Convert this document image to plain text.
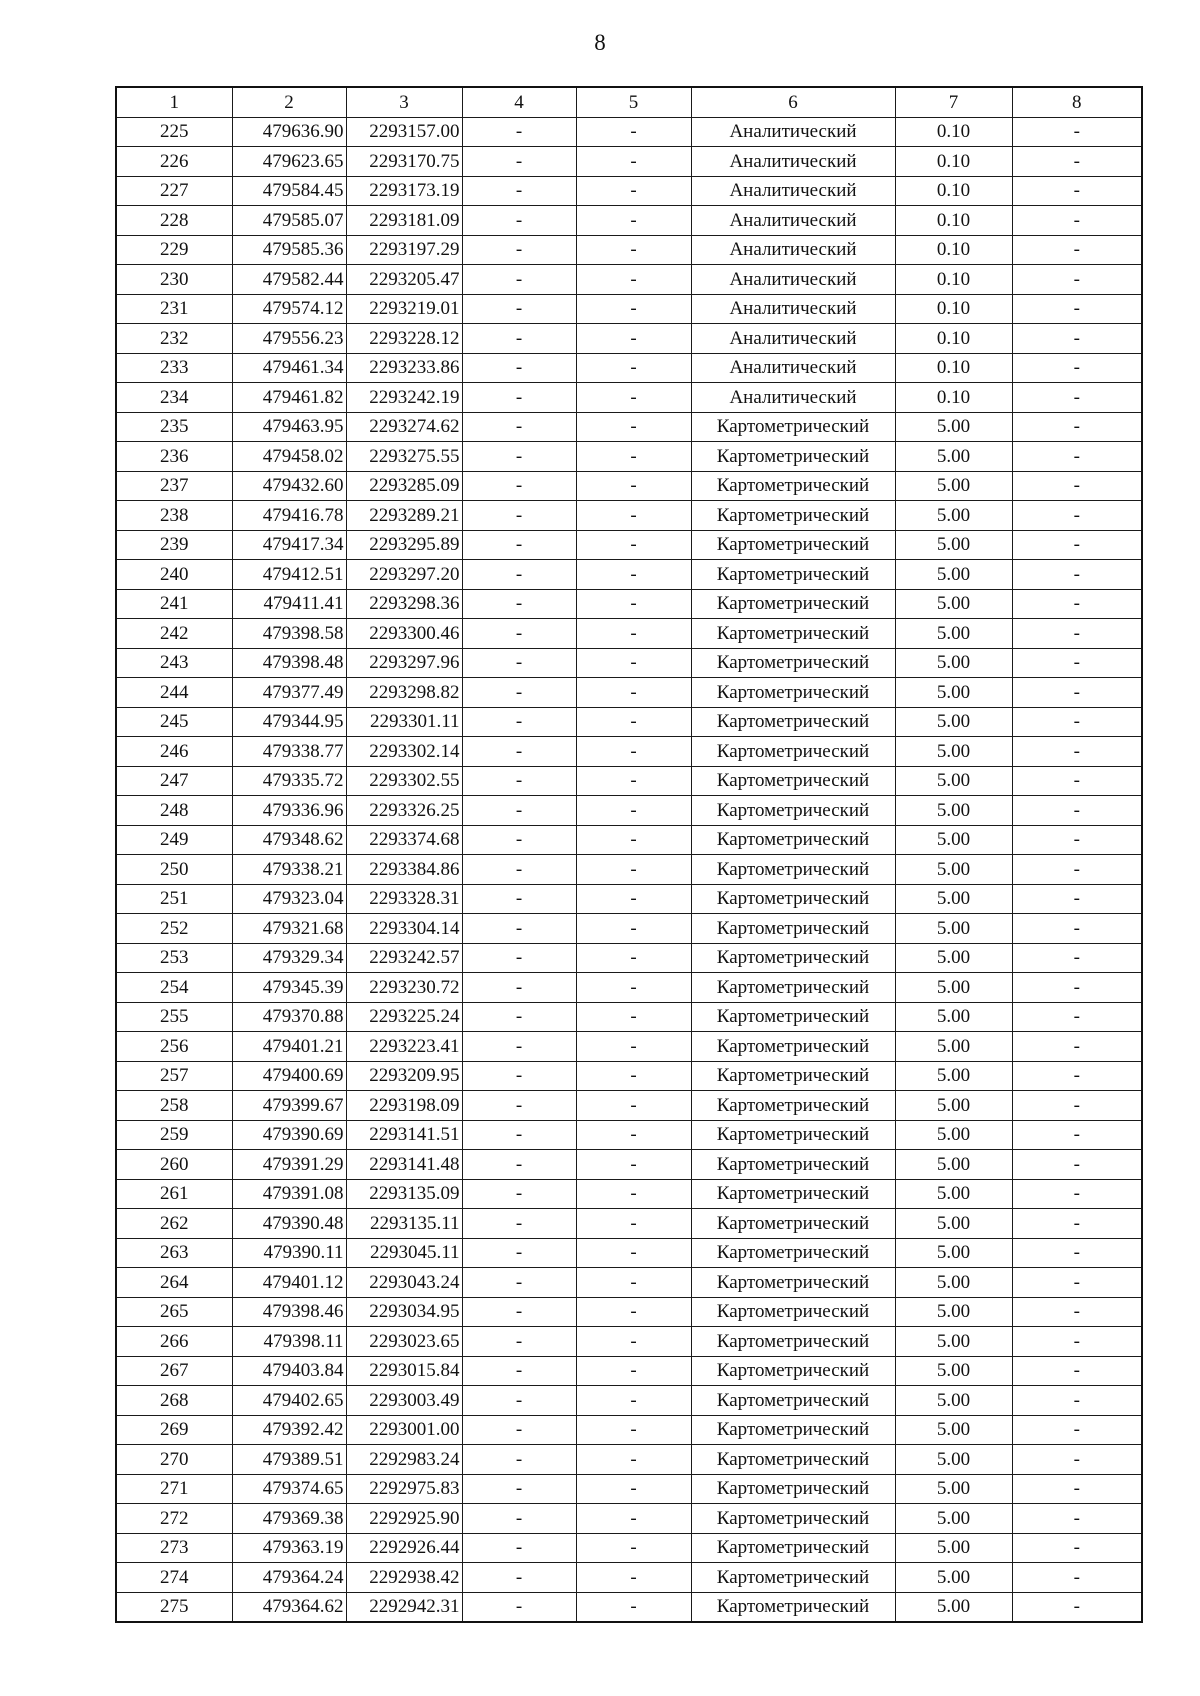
8
1	2	3	4	5	6	7	8
225	479636.90	2293157.00	-	-	Аналитический	0.10	-
226	479623.65	2293170.75	-	-	Аналитический	0.10	-
227	479584.45	2293173.19	-	-	Аналитический	0.10	-
228	479585.07	2293181.09	-	-	Аналитический	0.10	-
229	479585.36	2293197.29	-	-	Аналитический	0.10	-
230	479582.44	2293205.47	-	-	Аналитический	0.10	-
231	479574.12	2293219.01	-	-	Аналитический	0.10	-
232	479556.23	2293228.12	-	-	Аналитический	0.10	-
233	479461.34	2293233.86	-	-	Аналитический	0.10	-
234	479461.82	2293242.19	-	-	Аналитический	0.10	-
235	479463.95	2293274.62	-	-	Картометрический	5.00	-
236	479458.02	2293275.55	-	-	Картометрический	5.00	-
237	479432.60	2293285.09	-	-	Картометрический	5.00	-
238	479416.78	2293289.21	-	-	Картометрический	5.00	-
239	479417.34	2293295.89	-	-	Картометрический	5.00	-
240	479412.51	2293297.20	-	-	Картометрический	5.00	-
241	479411.41	2293298.36	-	-	Картометрический	5.00	-
242	479398.58	2293300.46	-	-	Картометрический	5.00	-
243	479398.48	2293297.96	-	-	Картометрический	5.00	-
244	479377.49	2293298.82	-	-	Картометрический	5.00	-
245	479344.95	2293301.11	-	-	Картометрический	5.00	-
246	479338.77	2293302.14	-	-	Картометрический	5.00	-
247	479335.72	2293302.55	-	-	Картометрический	5.00	-
248	479336.96	2293326.25	-	-	Картометрический	5.00	-
249	479348.62	2293374.68	-	-	Картометрический	5.00	-
250	479338.21	2293384.86	-	-	Картометрический	5.00	-
251	479323.04	2293328.31	-	-	Картометрический	5.00	-
252	479321.68	2293304.14	-	-	Картометрический	5.00	-
253	479329.34	2293242.57	-	-	Картометрический	5.00	-
254	479345.39	2293230.72	-	-	Картометрический	5.00	-
255	479370.88	2293225.24	-	-	Картометрический	5.00	-
256	479401.21	2293223.41	-	-	Картометрический	5.00	-
257	479400.69	2293209.95	-	-	Картометрический	5.00	-
258	479399.67	2293198.09	-	-	Картометрический	5.00	-
259	479390.69	2293141.51	-	-	Картометрический	5.00	-
260	479391.29	2293141.48	-	-	Картометрический	5.00	-
261	479391.08	2293135.09	-	-	Картометрический	5.00	-
262	479390.48	2293135.11	-	-	Картометрический	5.00	-
263	479390.11	2293045.11	-	-	Картометрический	5.00	-
264	479401.12	2293043.24	-	-	Картометрический	5.00	-
265	479398.46	2293034.95	-	-	Картометрический	5.00	-
266	479398.11	2293023.65	-	-	Картометрический	5.00	-
267	479403.84	2293015.84	-	-	Картометрический	5.00	-
268	479402.65	2293003.49	-	-	Картометрический	5.00	-
269	479392.42	2293001.00	-	-	Картометрический	5.00	-
270	479389.51	2292983.24	-	-	Картометрический	5.00	-
271	479374.65	2292975.83	-	-	Картометрический	5.00	-
272	479369.38	2292925.90	-	-	Картометрический	5.00	-
273	479363.19	2292926.44	-	-	Картометрический	5.00	-
274	479364.24	2292938.42	-	-	Картометрический	5.00	-
275	479364.62	2292942.31	-	-	Картометрический	5.00	-
